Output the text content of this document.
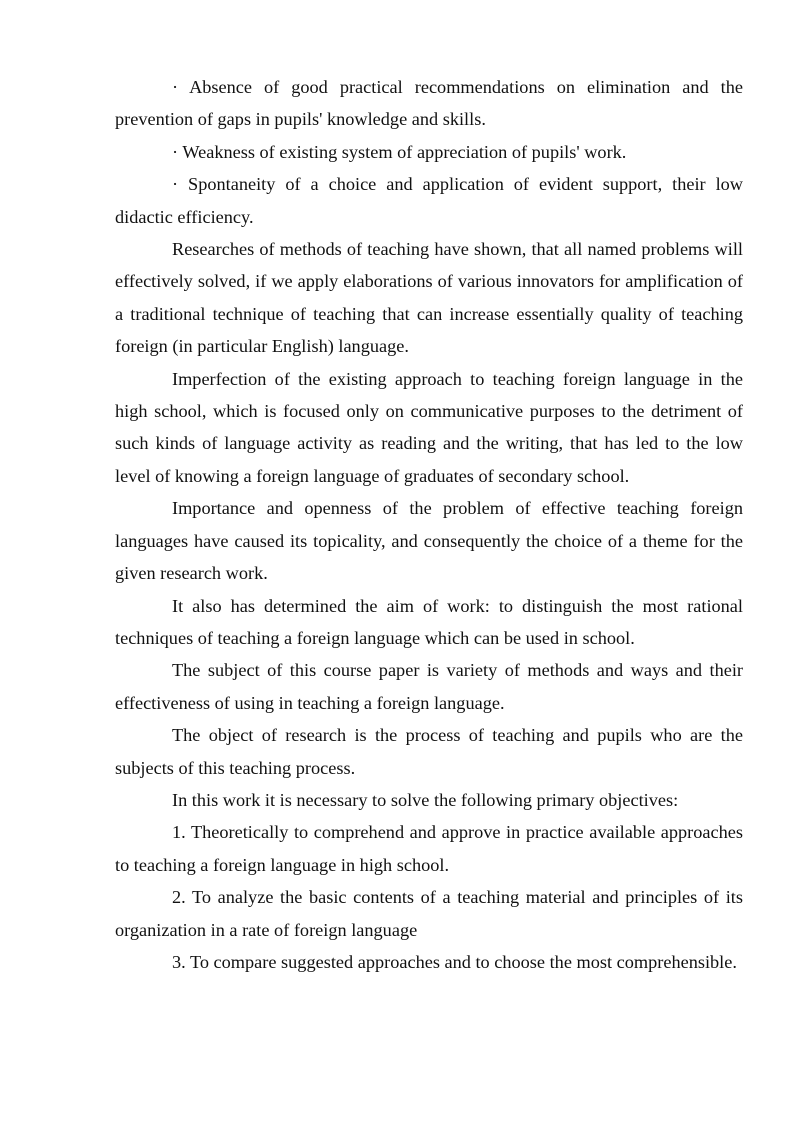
· Absence of good practical recommendations on elimination and the prevention of gaps in pupils' knowledge and skills.

· Weakness of existing system of appreciation of pupils' work.

· Spontaneity of a choice and application of evident support, their low didactic efficiency.

Researches of methods of teaching have shown, that all named problems will effectively solved, if we apply elaborations of various innovators for amplification of a traditional technique of teaching that can increase essentially quality of teaching foreign (in particular English) language.

Imperfection of the existing approach to teaching foreign language in the high school, which is focused only on communicative purposes to the detriment of such kinds of language activity as reading and the writing, that has led to the low level of knowing a foreign language of graduates of secondary school.

Importance and openness of the problem of effective teaching foreign languages have caused its topicality, and consequently the choice of a theme for the given research work.

It also has determined the aim of work: to distinguish the most rational techniques of teaching a foreign language which can be used in school.

The subject of this course paper is variety of methods and ways and their effectiveness of using in teaching a foreign language.

The object of research is the process of teaching and pupils who are the subjects of this teaching process.

In this work it is necessary to solve the following primary objectives:

1. Theoretically to comprehend and approve in practice available approaches to teaching a foreign language in high school.

2. To analyze the basic contents of a teaching material and principles of its organization in a rate of foreign language

3. To compare suggested approaches and to choose the most comprehensible.
